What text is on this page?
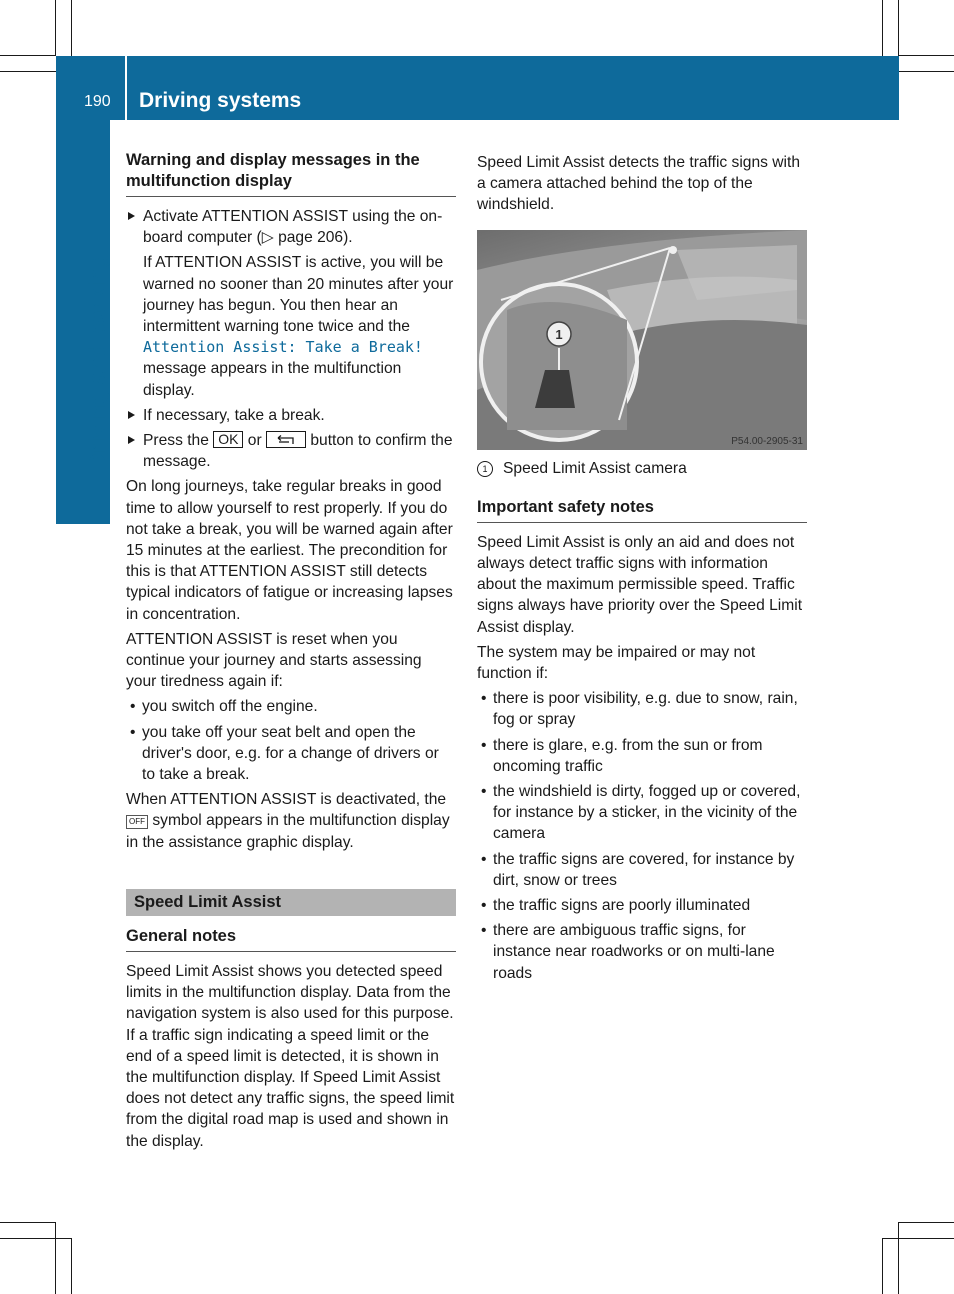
190 Driving systems
Driving and parking
Warning and display messages in the multifunction display
Activate ATTENTION ASSIST using the on-board computer (▷ page 206).
If ATTENTION ASSIST is active, you will be warned no sooner than 20 minutes after your journey has begun. You then hear an intermittent warning tone twice and the Attention Assist: Take a Break! message appears in the multifunction display.
If necessary, take a break.
Press the OK or	button to confirm the message.

On long journeys, take regular breaks in good time to allow yourself to rest properly. If you do not take a break, you will be warned again after 15 minutes at the earliest. The precondition for this is that ATTENTION ASSIST still detects typical indicators of fatigue or increasing lapses in concentration.

ATTENTION ASSIST is reset when you continue your journey and starts assessing your tiredness again if:

• you switch off the engine.
• you take off your seat belt and open the driver's door, e.g. for a change of drivers or to take a break.

When ATTENTION ASSIST is deactivated, the OFF symbol appears in the multifunction display in the assistance graphic display.

Speed Limit Assist
General notes

Speed Limit Assist shows you detected speed limits in the multifunction display. Data from the navigation system is also used for this purpose. If a traffic sign indicating a speed limit or the end of a speed limit is detected, it is shown in the multifunction display. If Speed Limit Assist does not detect any traffic signs, the speed limit from the digital road map is used and shown in the display.

Speed Limit Assist detects the traffic signs with a camera attached behind the top of the windshield.

1
P54.00-2905-31
1 Speed Limit Assist camera
Important safety notes

Speed Limit Assist is only an aid and does not always detect traffic signs with information about the maximum permissible speed. Traffic signs always have priority over the Speed Limit Assist display.

The system may be impaired or may not function if:

• there is poor visibility, e.g. due to snow, rain, fog or spray
• there is glare, e.g. from the sun or from oncoming traffic
• the windshield is dirty, fogged up or covered, for instance by a sticker, in the vicinity of the camera
• the traffic signs are covered, for instance by dirt, snow or trees
• the traffic signs are poorly illuminated
• there are ambiguous traffic signs, for instance near roadworks or on multi-lane roads
